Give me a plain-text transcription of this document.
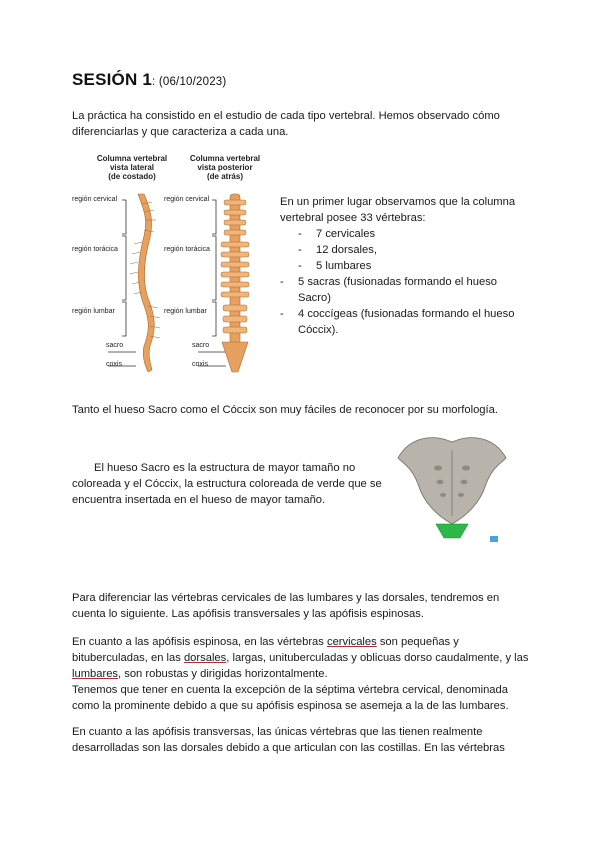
SESIÓN 1: (06/10/2023)
La práctica ha consistido en el estudio de cada tipo vertebral. Hemos observado cómo diferenciarlas y que caracteriza a cada una.
Columna vertebral
vista lateral
(de costado)
Columna vertebral
vista posterior
(de atrás)
región cervical
región torácica
región lumbar
sacro
coxis
región cervical
región torácica
región lumbar
sacro
coxis
En un primer lugar observamos que la columna vertebral posee 33 vértebras:
- 7 cervicales
- 12 dorsales,
- 5 lumbares
- 5 sacras (fusionadas formando el hueso Sacro)
- 4 coccígeas (fusionadas formando el hueso Cóccix).
Tanto el hueso Sacro como el Cóccix son muy fáciles de reconocer por su morfología.
El hueso Sacro es la estructura de mayor tamaño no coloreada y el Cóccix, la estructura coloreada de verde que se encuentra insertada en el hueso de mayor tamaño.
Para diferenciar las vértebras cervicales de las lumbares y las dorsales, tendremos en cuenta lo siguiente. Las apófisis transversales y las apófisis espinosas.
En cuanto a las apófisis espinosa, en las vértebras cervicales son pequeñas y bituberculadas, en las dorsales, largas, unituberculadas y oblicuas dorso caudalmente, y las lumbares, son robustas y dirigidas horizontalmente.
Tenemos que tener en cuenta la excepción de la séptima vértebra cervical, denominada como la prominente debido a que su apófisis espinosa se asemeja a la de las lumbares.
En cuanto a las apófisis transversas, las únicas vértebras que las tienen realmente desarrolladas son las dorsales debido a que articulan con las costillas. En las vértebras
